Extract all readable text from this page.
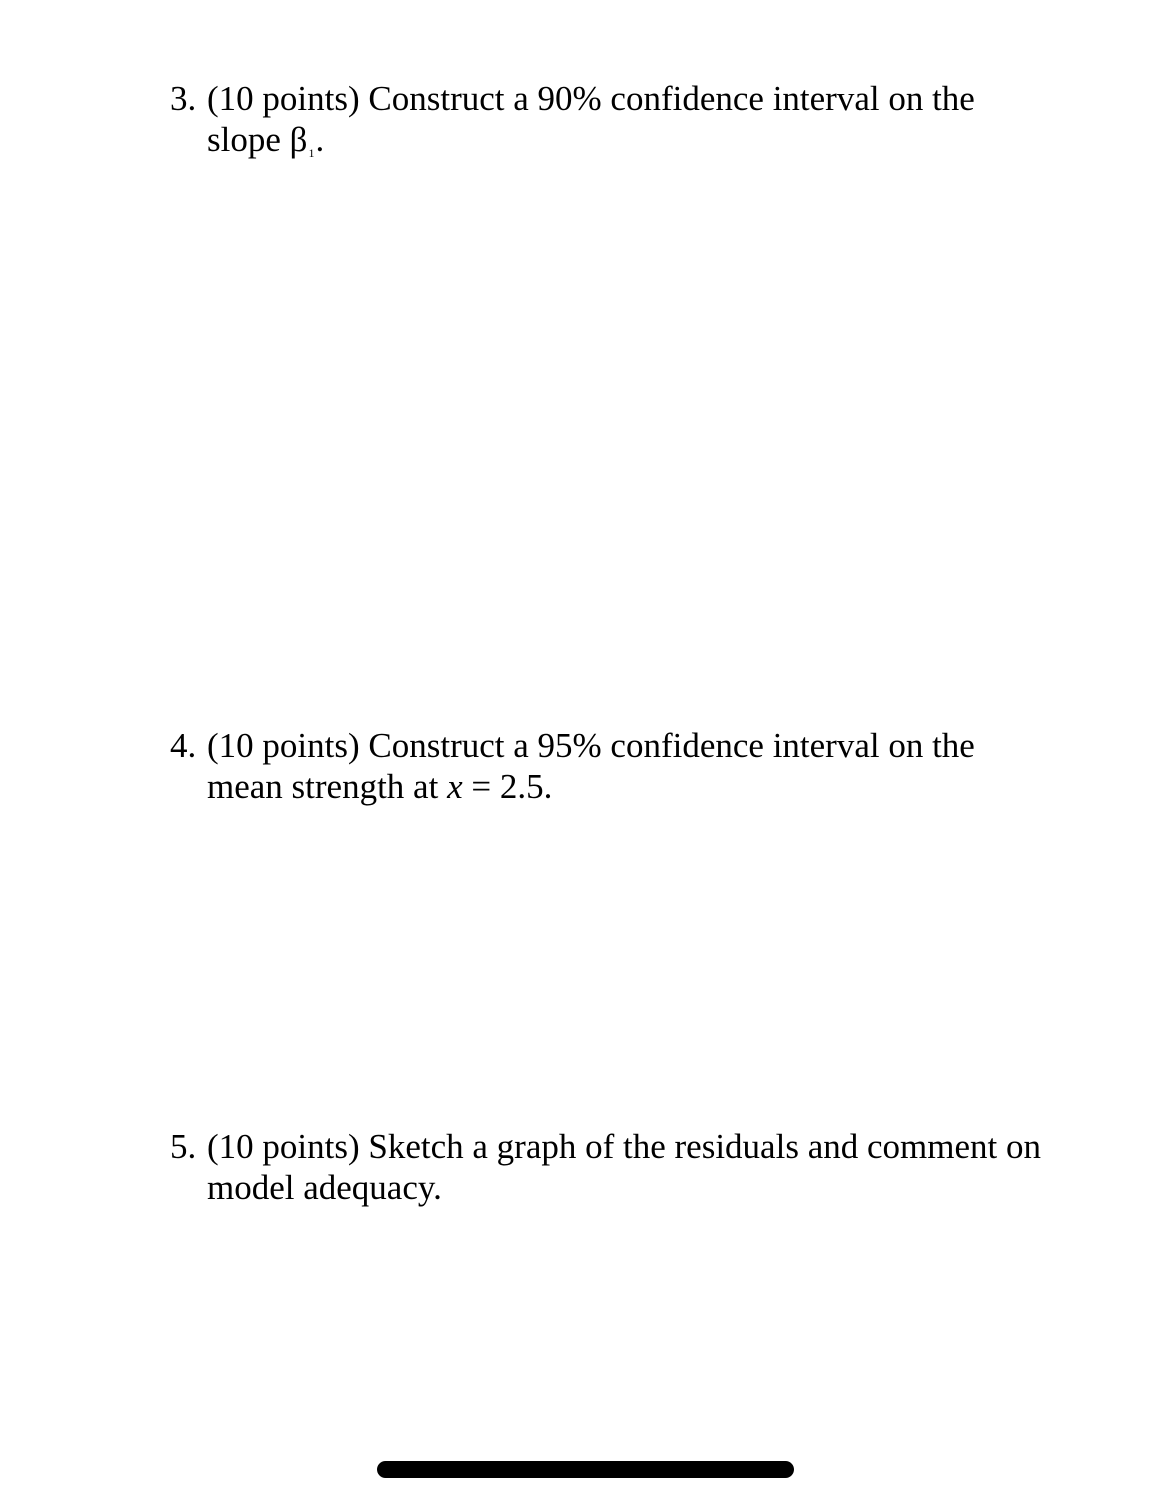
3. (10 points) Construct a 90% confidence interval on the
slope $\beta_1$.
4. (10 points) Construct a 95% confidence interval on the
mean strength at x = 2.5.
5. (10 points) Sketch a graph of the residuals and comment on
model adequacy.
